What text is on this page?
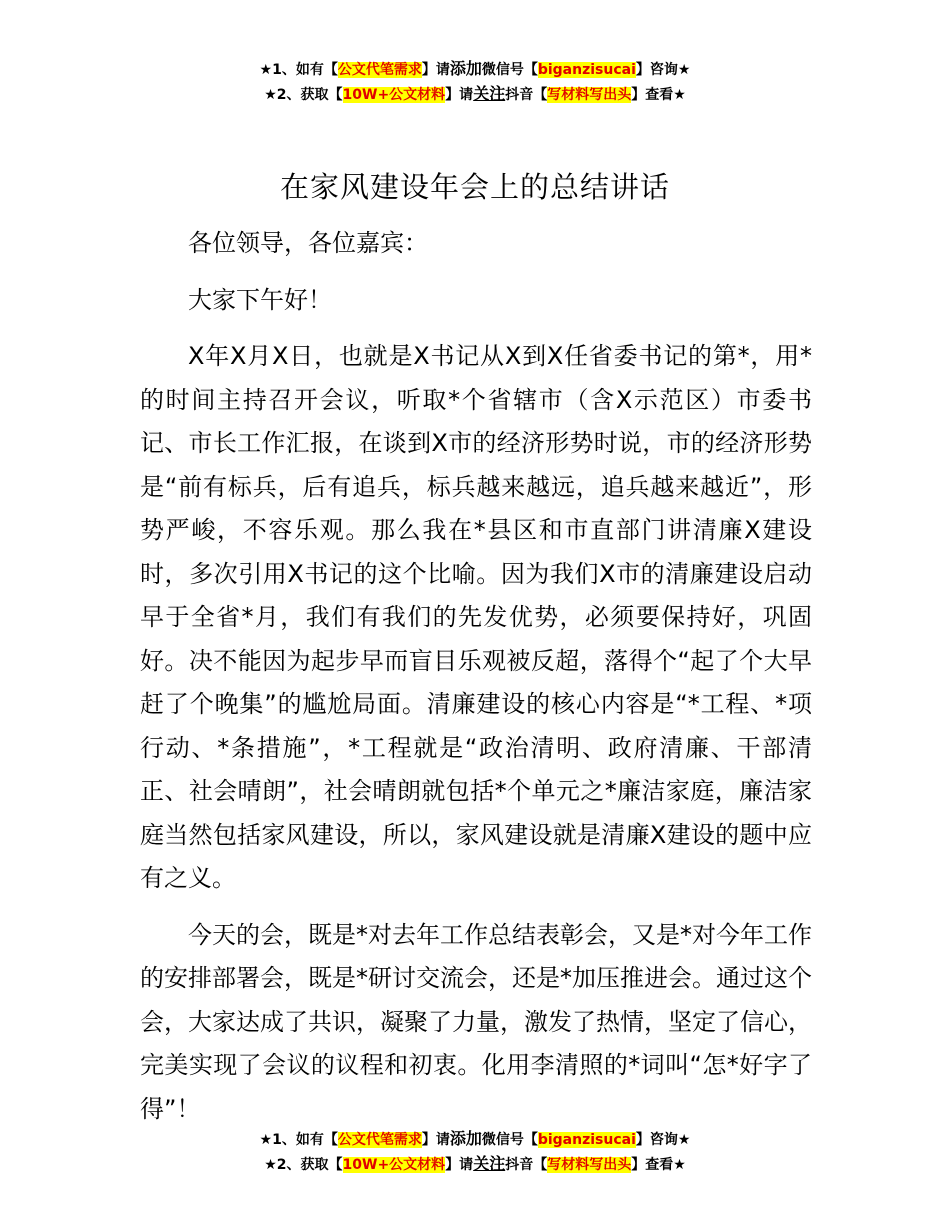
★1、如有【公文代笔需求】请添加微信号【biganzisucai】咨询★
★2、获取【10W+公文材料】请关注抖音【写材料写出头】查看★
在家风建设年会上的总结讲话

各位领导，各位嘉宾：

大家下午好！

X年X月X日，也就是X书记从X到X任省委书记的第*，用*的时间主持召开会议，听取*个省辖市（含X示范区）市委书记、市长工作汇报，在谈到X市的经济形势时说，市的经济形势是“前有标兵，后有追兵，标兵越来越远，追兵越来越近”，形势严峻，不容乐观。那么我在*县区和市直部门讲清廉X建设时，多次引用X书记的这个比喻。因为我们X市的清廉建设启动早于全省*月，我们有我们的先发优势，必须要保持好，巩固好。决不能因为起步早而盲目乐观被反超，落得个“起了个大早赶了个晚集”的尴尬局面。清廉建设的核心内容是“*工程、*项行动、*条措施”，*工程就是“政治清明、政府清廉、干部清正、社会晴朗”，社会晴朗就包括*个单元之*廉洁家庭，廉洁家庭当然包括家风建设，所以，家风建设就是清廉X建设的题中应有之义。

今天的会，既是*对去年工作总结表彰会，又是*对今年工作的安排部署会，既是*研讨交流会，还是*加压推进会。通过这个会，大家达成了共识，凝聚了力量，激发了热情，坚定了信心，完美实现了会议的议程和初衷。化用李清照的*词叫“怎*好字了得”！

★1、如有【公文代笔需求】请添加微信号【biganzisucai】咨询★
★2、获取【10W+公文材料】请关注抖音【写材料写出头】查看★
